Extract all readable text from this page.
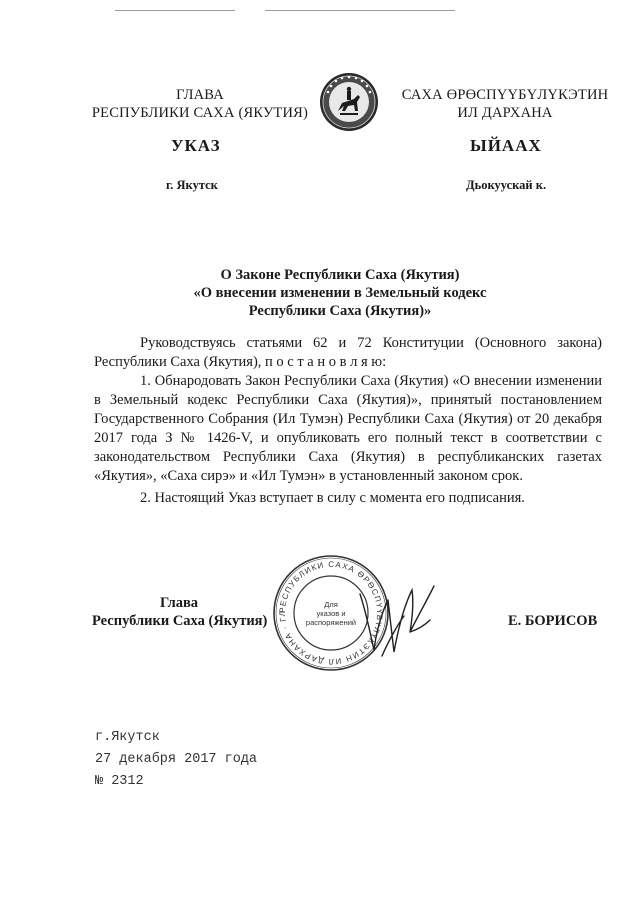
ГЛАВА
РЕСПУБЛИКИ САХА (ЯКУТИЯ)
САХА ӨРӨСПҮҮБҮЛҮКЭТИН
ИЛ ДАРХАНА
УКАЗ	ЫЙААХ
г. Якутск	Дьокуускай к.
О Законе Республики Саха (Якутия)
«О внесении изменении в Земельный кодекс
Республики Саха (Якутия)»

Руководствуясь статьями 62 и 72 Конституции (Основного закона) Республики Саха (Якутия), п о с т а н о в л я ю:

1. Обнародовать Закон Республики Саха (Якутия) «О внесении изменении в Земельный кодекс Республики Саха (Якутия)», принятый постановлением Государственного Собрания (Ил Тумэн) Республики Саха (Якутия) от 20 декабря 2017 года З № 1426-V, и опубликовать его полный текст в соответствии с законодательством Республики Саха (Якутия) в республиканских газетах «Якутия», «Саха сирэ» и «Ил Тумэн» в установленный законом срок.

2. Настоящий Указ вступает в силу с момента его подписания.

РЕСПУБЛИКИ САХА ӨРӨСПҮҮБҮЛҮКЭТИН ИЛ ДАРХАНА · ГЛ
Для
указов и
распоряжений
Глава
Республики Саха (Якутия)	Е. БОРИСОВ
г.Якутск
27 декабря 2017 года
№ 2312
